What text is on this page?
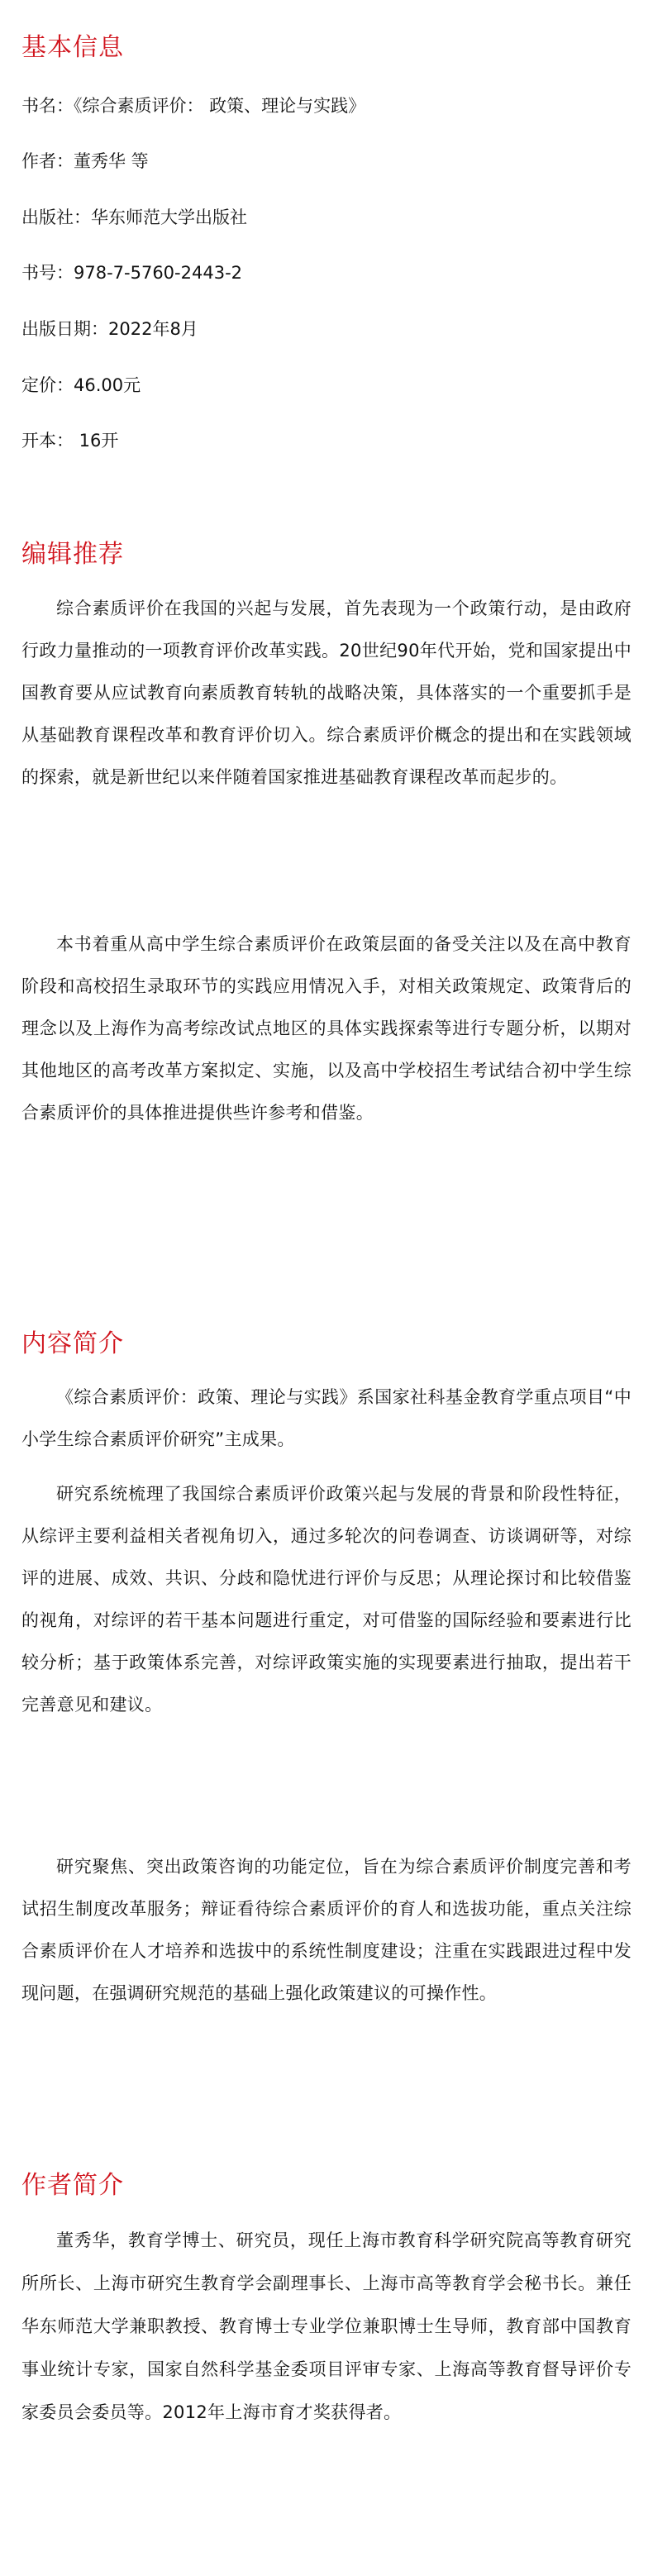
基本信息

书名：《综合素质评价： 政策、理论与实践》

作者：董秀华 等

出版社：华东师范大学出版社

书号：978-7-5760-2443-2

出版日期：2022年8月

定价：46.00元

开本： 16开

编辑推荐

综合素质评价在我国的兴起与发展，首先表现为一个政策行动，是由政府行政力量推动的一项教育评价改革实践。20世纪90年代开始，党和国家提出中国教育要从应试教育向素质教育转轨的战略决策，具体落实的一个重要抓手是从基础教育课程改革和教育评价切入。综合素质评价概念的提出和在实践领域的探索，就是新世纪以来伴随着国家推进基础教育课程改革而起步的。

本书着重从高中学生综合素质评价在政策层面的备受关注以及在高中教育阶段和高校招生录取环节的实践应用情况入手，对相关政策规定、政策背后的理念以及上海作为高考综改试点地区的具体实践探索等进行专题分析，以期对其他地区的高考改革方案拟定、实施，以及高中学校招生考试结合初中学生综合素质评价的具体推进提供些许参考和借鉴。

内容简介

《综合素质评价：政策、理论与实践》系国家社科基金教育学重点项目“中小学生综合素质评价研究”主成果。

研究系统梳理了我国综合素质评价政策兴起与发展的背景和阶段性特征，从综评主要利益相关者视角切入，通过多轮次的问卷调查、访谈调研等，对综评的进展、成效、共识、分歧和隐忧进行评价与反思；从理论探讨和比较借鉴的视角，对综评的若干基本问题进行重定，对可借鉴的国际经验和要素进行比较分析；基于政策体系完善，对综评政策实施的实现要素进行抽取，提出若干完善意见和建议。

研究聚焦、突出政策咨询的功能定位，旨在为综合素质评价制度完善和考试招生制度改革服务；辩证看待综合素质评价的育人和选拔功能，重点关注综合素质评价在人才培养和选拔中的系统性制度建设；注重在实践跟进过程中发现问题，在强调研究规范的基础上强化政策建议的可操作性。

作者简介

董秀华，教育学博士、研究员，现任上海市教育科学研究院高等教育研究所所长、上海市研究生教育学会副理事长、上海市高等教育学会秘书长。兼任华东师范大学兼职教授、教育博士专业学位兼职博士生导师，教育部中国教育事业统计专家，国家自然科学基金委项目评审专家、上海高等教育督导评价专家委员会委员等。2012年上海市育才奖获得者。
